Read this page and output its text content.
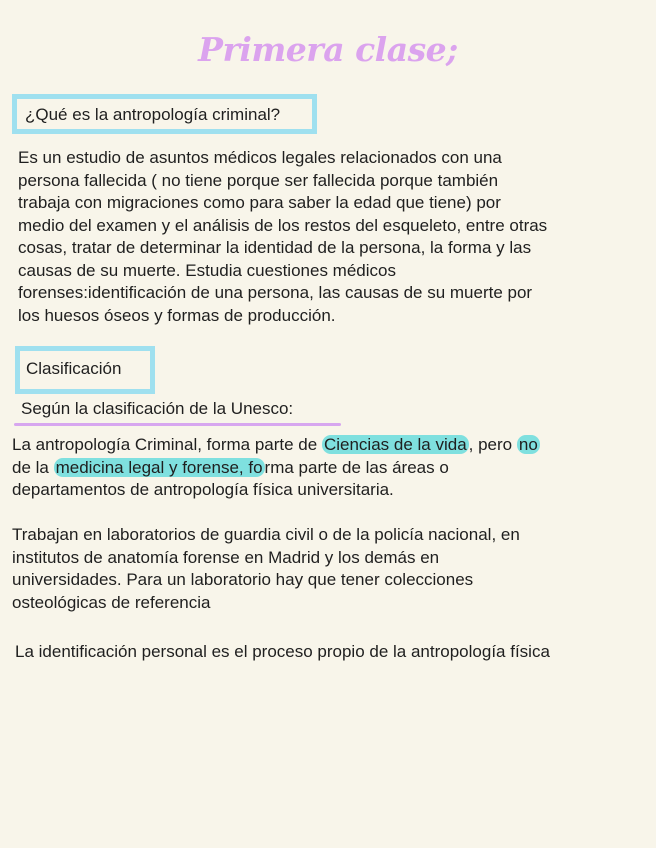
Primera clase;
¿Qué es la antropología criminal?

Es un estudio de asuntos médicos legales relacionados con una
persona fallecida ( no tiene porque ser fallecida porque también
trabaja con migraciones como para saber la edad que tiene) por
medio del examen y el análisis de los restos del esqueleto, entre otras
cosas, tratar de determinar la identidad de la persona, la forma y las
causas de su muerte. Estudia cuestiones médicos
forenses:identificación de una persona, las causas de su muerte por
los huesos óseos y formas de producción.

Clasificación
Según la clasificación de la Unesco:

La antropología Criminal, forma parte de Ciencias de la vida , pero no
de la medicina legal y forense, fo rma parte de las áreas o
departamentos de antropología física universitaria.

Trabajan en laboratorios de guardia civil o de la policía nacional, en
institutos de anatomía forense en Madrid y los demás en
universidades. Para un laboratorio hay que tener colecciones
osteológicas de referencia

La identificación personal es el proceso propio de la antropología física
